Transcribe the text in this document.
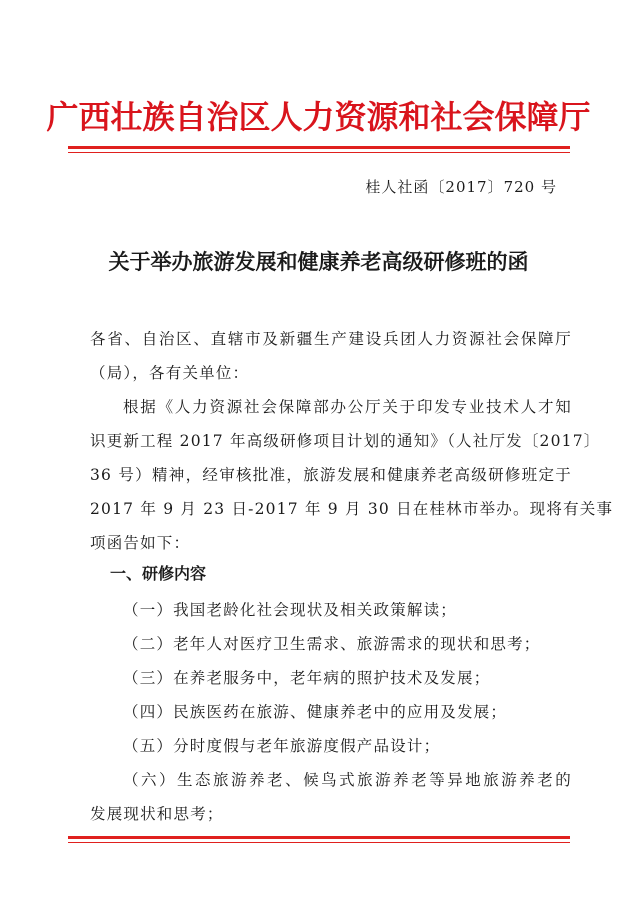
广西壮族自治区人力资源和社会保障厅
桂人社函〔2017〕720 号
关于举办旅游发展和健康养老高级研修班的函
各省、自治区、直辖市及新疆生产建设兵团人力资源社会保障厅
（局），各有关单位：
根据《人力资源社会保障部办公厅关于印发专业技术人才知
识更新工程 2017 年高级研修项目计划的通知》（人社厅发〔2017〕
36 号）精神，经审核批准，旅游发展和健康养老高级研修班定于
2017 年 9 月 23 日-2017 年 9 月 30 日在桂林市举办。现将有关事
项函告如下：
一、研修内容
（一）我国老龄化社会现状及相关政策解读；
（二）老年人对医疗卫生需求、旅游需求的现状和思考；
（三）在养老服务中，老年病的照护技术及发展；
（四）民族医药在旅游、健康养老中的应用及发展；
（五）分时度假与老年旅游度假产品设计；
（六）生态旅游养老、候鸟式旅游养老等异地旅游养老的
发展现状和思考；
